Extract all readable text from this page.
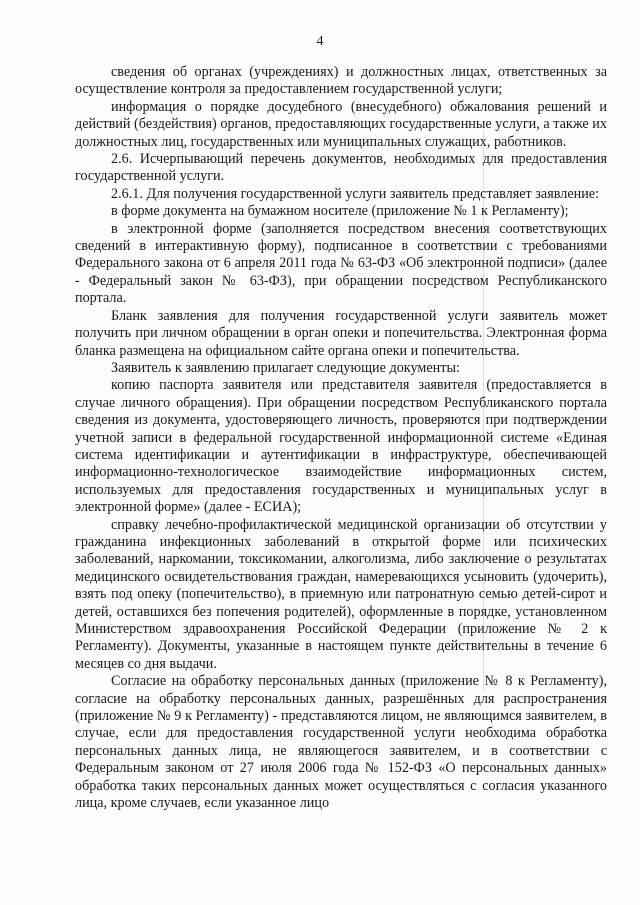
4

сведения об органах (учреждениях) и должностных лицах, ответственных за осуществление контроля за предоставлением государственной услуги;

информация о порядке досудебного (внесудебного) обжалования решений и действий (бездействия) органов, предоставляющих государственные услуги, а также их должностных лиц, государственных или муниципальных служащих, работников.

2.6. Исчерпывающий перечень документов, необходимых для предоставления государственной услуги.

2.6.1. Для получения государственной услуги заявитель представляет заявление:

в форме документа на бумажном носителе (приложение № 1 к Регламенту);

в электронной форме (заполняется посредством внесения соответствующих сведений в интерактивную форму), подписанное в соответствии с требованиями Федерального закона от 6 апреля 2011 года № 63-ФЗ «Об электронной подписи» (далее - Федеральный закон № 63-ФЗ), при обращении посредством Республиканского портала.

Бланк заявления для получения государственной услуги заявитель может получить при личном обращении в орган опеки и попечительства. Электронная форма бланка размещена на официальном сайте органа опеки и попечительства.

Заявитель к заявлению прилагает следующие документы:

копию паспорта заявителя или представителя заявителя (предоставляется в случае личного обращения). При обращении посредством Республиканского портала сведения из документа, удостоверяющего личность, проверяются при подтверждении учетной записи в федеральной государственной информационной системе «Единая система идентификации и аутентификации в инфраструктуре, обеспечивающей информационно-технологическое взаимодействие информационных систем, используемых для предоставления государственных и муниципальных услуг в электронной форме» (далее - ЕСИА);

справку лечебно-профилактической медицинской организации об отсутствии у гражданина инфекционных заболеваний в открытой форме или психических заболеваний, наркомании, токсикомании, алкоголизма, либо заключение о результатах медицинского освидетельствования граждан, намеревающихся усыновить (удочерить), взять под опеку (попечительство), в приемную или патронатную семью детей-сирот и детей, оставшихся без попечения родителей), оформленные в порядке, установленном Министерством здравоохранения Российской Федерации (приложение № 2 к Регламенту). Документы, указанные в настоящем пункте действительны в течение 6 месяцев со дня выдачи.

Согласие на обработку персональных данных (приложение № 8 к Регламенту), согласие на обработку персональных данных, разрешённых для распространения (приложение № 9 к Регламенту) - представляются лицом, не являющимся заявителем, в случае, если для предоставления государственной услуги необходима обработка персональных данных лица, не являющегося заявителем, и в соответствии с Федеральным законом от 27 июля 2006 года № 152-ФЗ «О персональных данных» обработка таких персональных данных может осуществляться с согласия указанного лица, кроме случаев, если указанное лицо
